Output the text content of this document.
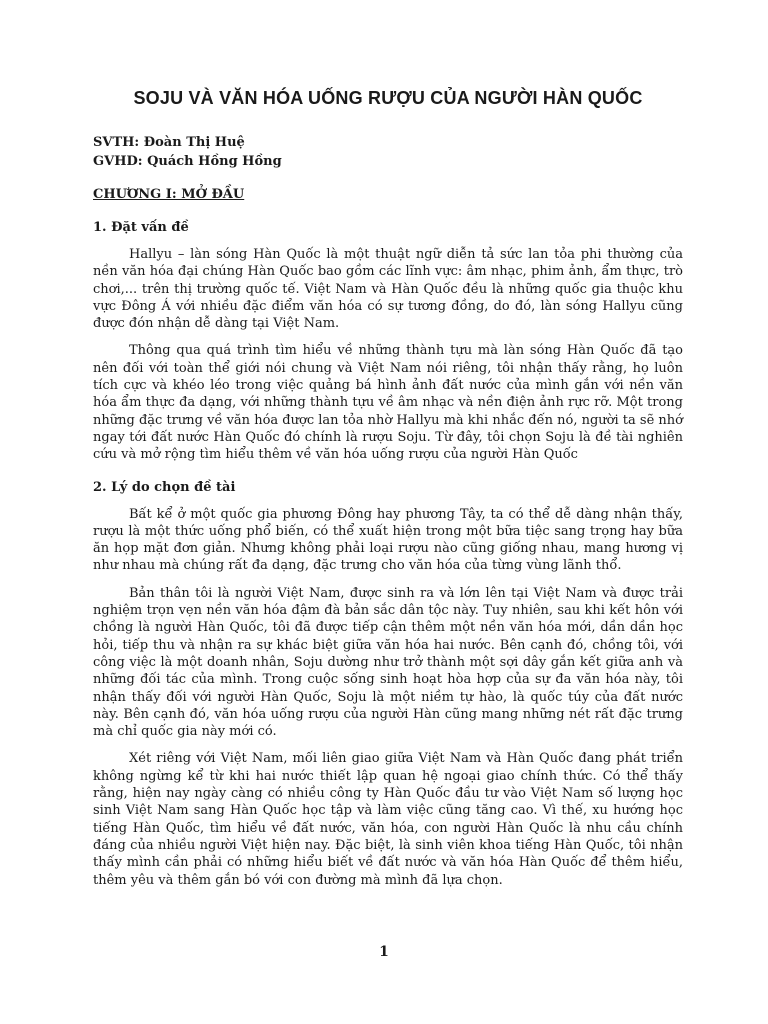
SOJU VÀ VĂN HÓA UỐNG RƯỢU CỦA NGƯỜI HÀN QUỐC
SVTH: Đoàn Thị Huệ
GVHD: Quách Hồng Hồng
CHƯƠNG I: MỞ ĐẦU
1. Đặt vấn đề

Hallyu – làn sóng Hàn Quốc là một thuật ngữ diễn tả sức lan tỏa phi thường của nền văn hóa đại chúng Hàn Quốc bao gồm các lĩnh vực: âm nhạc, phim ảnh, ẩm thực, trò chơi,... trên thị trường quốc tế. Việt Nam và Hàn Quốc đều là những quốc gia thuộc khu vực Đông Á với nhiều đặc điểm văn hóa có sự tương đồng, do đó, làn sóng Hallyu cũng được đón nhận dễ dàng tại Việt Nam.

Thông qua quá trình tìm hiểu về những thành tựu mà làn sóng Hàn Quốc đã tạo nên đối với toàn thể giới nói chung và Việt Nam nói riêng, tôi nhận thấy rằng, họ luôn tích cực và khéo léo trong việc quảng bá hình ảnh đất nước của mình gắn với nền văn hóa ẩm thực đa dạng, với những thành tựu về âm nhạc và nền điện ảnh rực rỡ. Một trong những đặc trưng về văn hóa được lan tỏa nhờ Hallyu mà khi nhắc đến nó, người ta sẽ nhớ ngay tới đất nước Hàn Quốc đó chính là rượu Soju. Từ đây, tôi chọn Soju là đề tài nghiên cứu và mở rộng tìm hiểu thêm về văn hóa uống rượu của người Hàn Quốc

2. Lý do chọn đề tài

Bất kể ở một quốc gia phương Đông hay phương Tây, ta có thể dễ dàng nhận thấy, rượu là một thức uống phổ biến, có thể xuất hiện trong một bữa tiệc sang trọng hay bữa ăn họp mặt đơn giản. Nhưng không phải loại rượu nào cũng giống nhau, mang hương vị như nhau mà chúng rất đa dạng, đặc trưng cho văn hóa của từng vùng lãnh thổ.

Bản thân tôi là người Việt Nam, được sinh ra và lớn lên tại Việt Nam và được trải nghiệm trọn vẹn nền văn hóa đậm đà bản sắc dân tộc này. Tuy nhiên, sau khi kết hôn với chồng là người Hàn Quốc, tôi đã được tiếp cận thêm một nền văn hóa mới, dần dần học hỏi, tiếp thu và nhận ra sự khác biệt giữa văn hóa hai nước. Bên cạnh đó, chồng tôi, với công việc là một doanh nhân, Soju dường như trở thành một sợi dây gắn kết giữa anh và những đối tác của mình. Trong cuộc sống sinh hoạt hòa hợp của sự đa văn hóa này, tôi nhận thấy đối với người Hàn Quốc, Soju là một niềm tự hào, là quốc túy của đất nước này. Bên cạnh đó, văn hóa uống rượu của người Hàn cũng mang những nét rất đặc trưng mà chỉ quốc gia này mới có.

Xét riêng với Việt Nam, mối liên giao giữa Việt Nam và Hàn Quốc đang phát triển không ngừng kể từ khi hai nước thiết lập quan hệ ngoại giao chính thức. Có thể thấy rằng, hiện nay ngày càng có nhiều công ty Hàn Quốc đầu tư vào Việt Nam số lượng học sinh Việt Nam sang Hàn Quốc học tập và làm việc cũng tăng cao. Vì thế, xu hướng học tiếng Hàn Quốc, tìm hiểu về đất nước, văn hóa, con người Hàn Quốc là nhu cầu chính đáng của nhiều người Việt hiện nay. Đặc biệt, là sinh viên khoa tiếng Hàn Quốc, tôi nhận thấy mình cần phải có những hiểu biết về đất nước và văn hóa Hàn Quốc để thêm hiểu, thêm yêu và thêm gắn bó với con đường mà mình đã lựa chọn.

1
